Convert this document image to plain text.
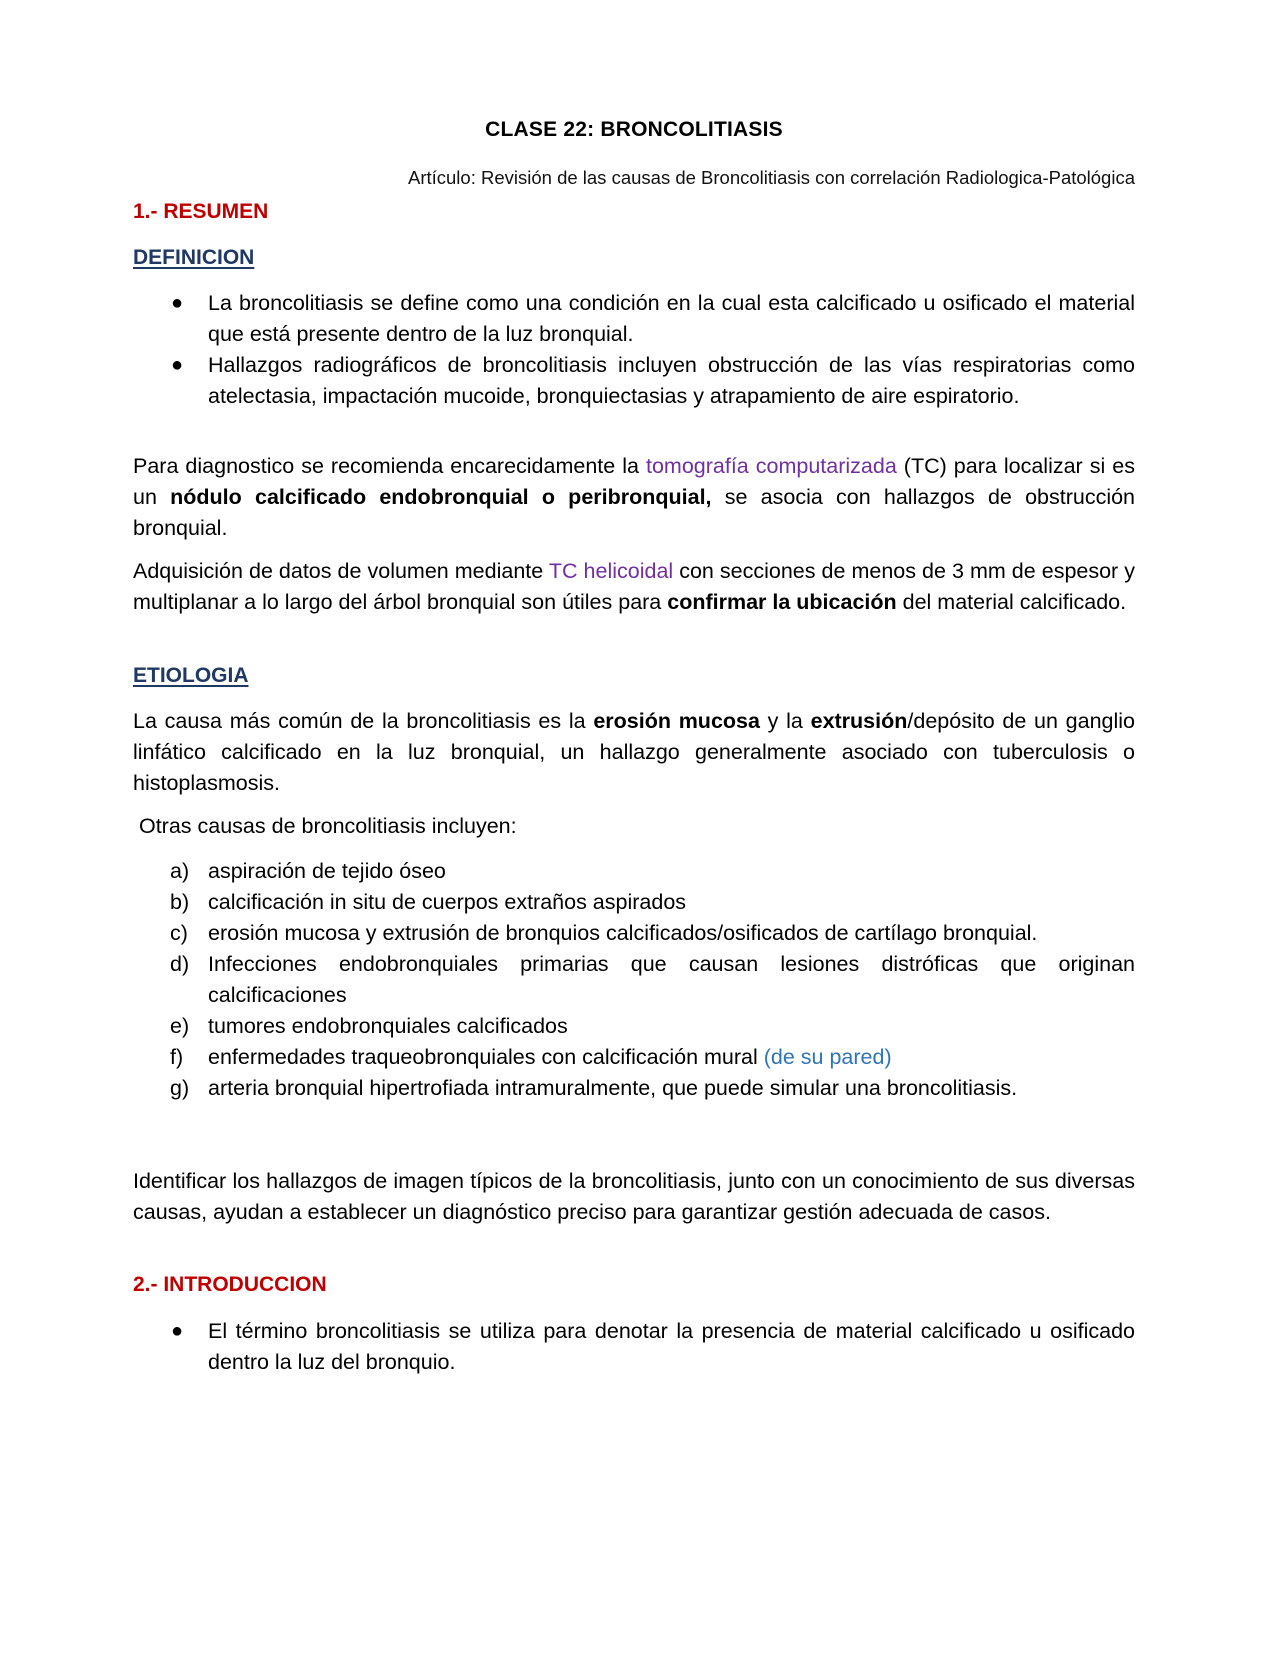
CLASE 22: BRONCOLITIASIS
Artículo: Revisión de las causas de Broncolitiasis con correlación Radiologica-Patológica
1.- RESUMEN
DEFINICION
● La broncolitiasis se define como una condición en la cual esta calcificado u osificado el material que está presente dentro de la luz bronquial.
● Hallazgos radiográficos de broncolitiasis incluyen obstrucción de las vías respiratorias como atelectasia, impactación mucoide, bronquiectasias y atrapamiento de aire espiratorio.
Para diagnostico se recomienda encarecidamente la tomografía computarizada (TC) para localizar si es un nódulo calcificado endobronquial o peribronquial, se asocia con hallazgos de obstrucción bronquial.
Adquisición de datos de volumen mediante TC helicoidal con secciones de menos de 3 mm de espesor y multiplanar a lo largo del árbol bronquial son útiles para confirmar la ubicación del material calcificado.
ETIOLOGIA
La causa más común de la broncolitiasis es la erosión mucosa y la extrusión/depósito de un ganglio linfático calcificado en la luz bronquial, un hallazgo generalmente asociado con tuberculosis o histoplasmosis.
Otras causas de broncolitiasis incluyen:
a) aspiración de tejido óseo
b) calcificación in situ de cuerpos extraños aspirados
c) erosión mucosa y extrusión de bronquios calcificados/osificados de cartílago bronquial.
d) Infecciones endobronquiales primarias que causan lesiones distróficas que originan calcificaciones
e) tumores endobronquiales calcificados
f) enfermedades traqueobronquiales con calcificación mural (de su pared)
g) arteria bronquial hipertrofiada intramuralmente, que puede simular una broncolitiasis.
Identificar los hallazgos de imagen típicos de la broncolitiasis, junto con un conocimiento de sus diversas causas, ayudan a establecer un diagnóstico preciso para garantizar gestión adecuada de casos.
2.- INTRODUCCION
● El término broncolitiasis se utiliza para denotar la presencia de material calcificado u osificado dentro la luz del bronquio.
